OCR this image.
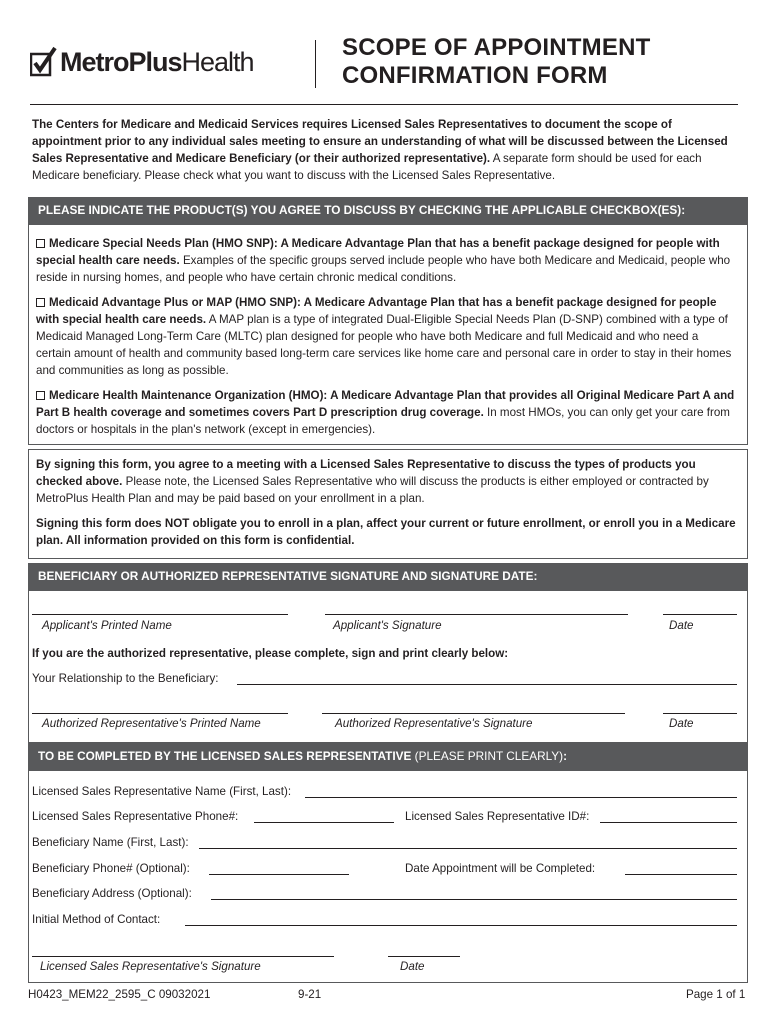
MetroPlusHealth	SCOPE OF APPOINTMENT
CONFIRMATION FORM
The Centers for Medicare and Medicaid Services requires Licensed Sales Representatives to document the scope of appointment prior to any individual sales meeting to ensure an understanding of what will be discussed between the Licensed Sales Representative and Medicare Beneficiary (or their authorized representative). A separate form should be used for each Medicare beneficiary. Please check what you want to discuss with the Licensed Sales Representative.
PLEASE INDICATE THE PRODUCT(S) YOU AGREE TO DISCUSS BY CHECKING THE APPLICABLE CHECKBOX(ES):
Medicare Special Needs Plan (HMO SNP): A Medicare Advantage Plan that has a benefit package designed for people with special health care needs. Examples of the specific groups served include people who have both Medicare and Medicaid, people who reside in nursing homes, and people who have certain chronic medical conditions.
Medicaid Advantage Plus or MAP (HMO SNP): A Medicare Advantage Plan that has a benefit package designed for people with special health care needs. A MAP plan is a type of integrated Dual-Eligible Special Needs Plan (D-SNP) combined with a type of Medicaid Managed Long-Term Care (MLTC) plan designed for people who have both Medicare and full Medicaid and who need a certain amount of health and community based long-term care services like home care and personal care in order to stay in their homes and communities as long as possible.
Medicare Health Maintenance Organization (HMO): A Medicare Advantage Plan that provides all Original Medicare Part A and Part B health coverage and sometimes covers Part D prescription drug coverage. In most HMOs, you can only get your care from doctors or hospitals in the plan's network (except in emergencies).
By signing this form, you agree to a meeting with a Licensed Sales Representative to discuss the types of products you checked above. Please note, the Licensed Sales Representative who will discuss the products is either employed or contracted by MetroPlus Health Plan and may be paid based on your enrollment in a plan.
Signing this form does NOT obligate you to enroll in a plan, affect your current or future enrollment, or enroll you in a Medicare plan. All information provided on this form is confidential.
BENEFICIARY OR AUTHORIZED REPRESENTATIVE SIGNATURE AND SIGNATURE DATE:
Applicant's Printed Name	Applicant's Signature	Date
If you are the authorized representative, please complete, sign and print clearly below:
Your Relationship to the Beneficiary:
Authorized Representative's Printed Name	Authorized Representative's Signature	Date
TO BE COMPLETED BY THE LICENSED SALES REPRESENTATIVE (PLEASE PRINT CLEARLY):
Licensed Sales Representative Name (First, Last):
Licensed Sales Representative Phone#:	Licensed Sales Representative ID#:
Beneficiary Name (First, Last):
Beneficiary Phone# (Optional):	Date Appointment will be Completed:
Beneficiary Address (Optional):
Initial Method of Contact:
Licensed Sales Representative's Signature	Date
H0423_MEM22_2595_C 09032021	9-21	Page 1 of 1
